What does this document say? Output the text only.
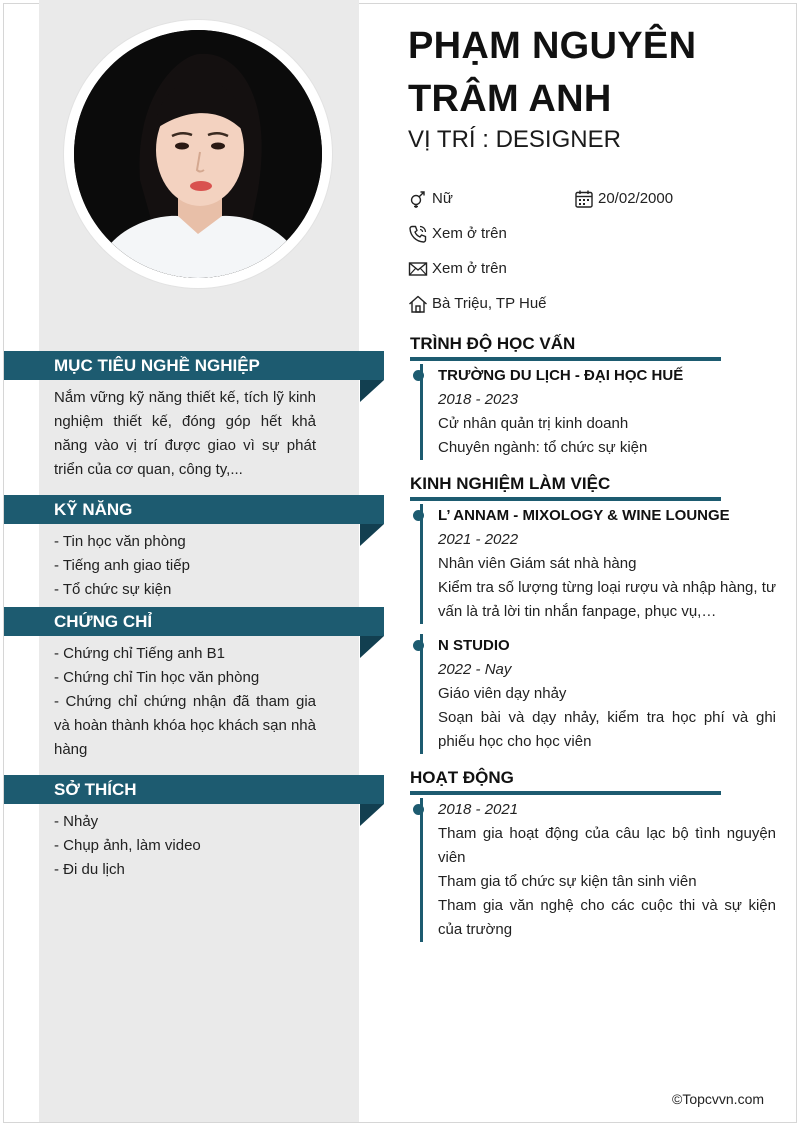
MỤC TIÊU NGHỀ NGHIỆP
Nắm vững kỹ năng thiết kế, tích lỹ kinh nghiệm thiết kế, đóng góp hết khả năng vào vị trí được giao vì sự phát triển của cơ quan, công ty,...
KỸ NĂNG
- Tin học văn phòng
- Tiếng anh giao tiếp
- Tổ chức sự kiện
CHỨNG CHỈ
- Chứng chỉ Tiếng anh B1
- Chứng chỉ Tin học văn phòng
- Chứng chỉ chứng nhận đã tham gia và hoàn thành khóa học khách sạn nhà hàng
SỞ THÍCH
- Nhảy
- Chụp ảnh, làm video
- Đi du lịch
PHẠM NGUYÊN
TRÂM ANH
VỊ TRÍ : DESIGNER
Nữ	20/02/2000
Xem ở trên
Xem ở trên
Bà Triệu, TP Huế
TRÌNH ĐỘ HỌC VẤN
TRƯỜNG DU LỊCH - ĐẠI HỌC HUẾ
2018 - 2023
Cử nhân quản trị kinh doanh
Chuyên ngành: tổ chức sự kiện
KINH NGHIỆM LÀM VIỆC
L’ ANNAM - MIXOLOGY & WINE LOUNGE
2021 - 2022
Nhân viên Giám sát nhà hàng
Kiểm tra số lượng từng loại rượu và nhập hàng, tư vấn là trả lời tin nhắn fanpage, phục vụ,…
N STUDIO
2022 - Nay
Giáo viên dạy nhảy
Soạn bài và dạy nhảy, kiểm tra học phí và ghi phiếu học cho học viên
HOẠT ĐỘNG
2018 - 2021
Tham gia hoạt động của câu lạc bộ tình nguyện viên
Tham gia tổ chức sự kiện tân sinh viên
Tham gia văn nghệ cho các cuộc thi và sự kiện của trường
©Topcvvn.com
